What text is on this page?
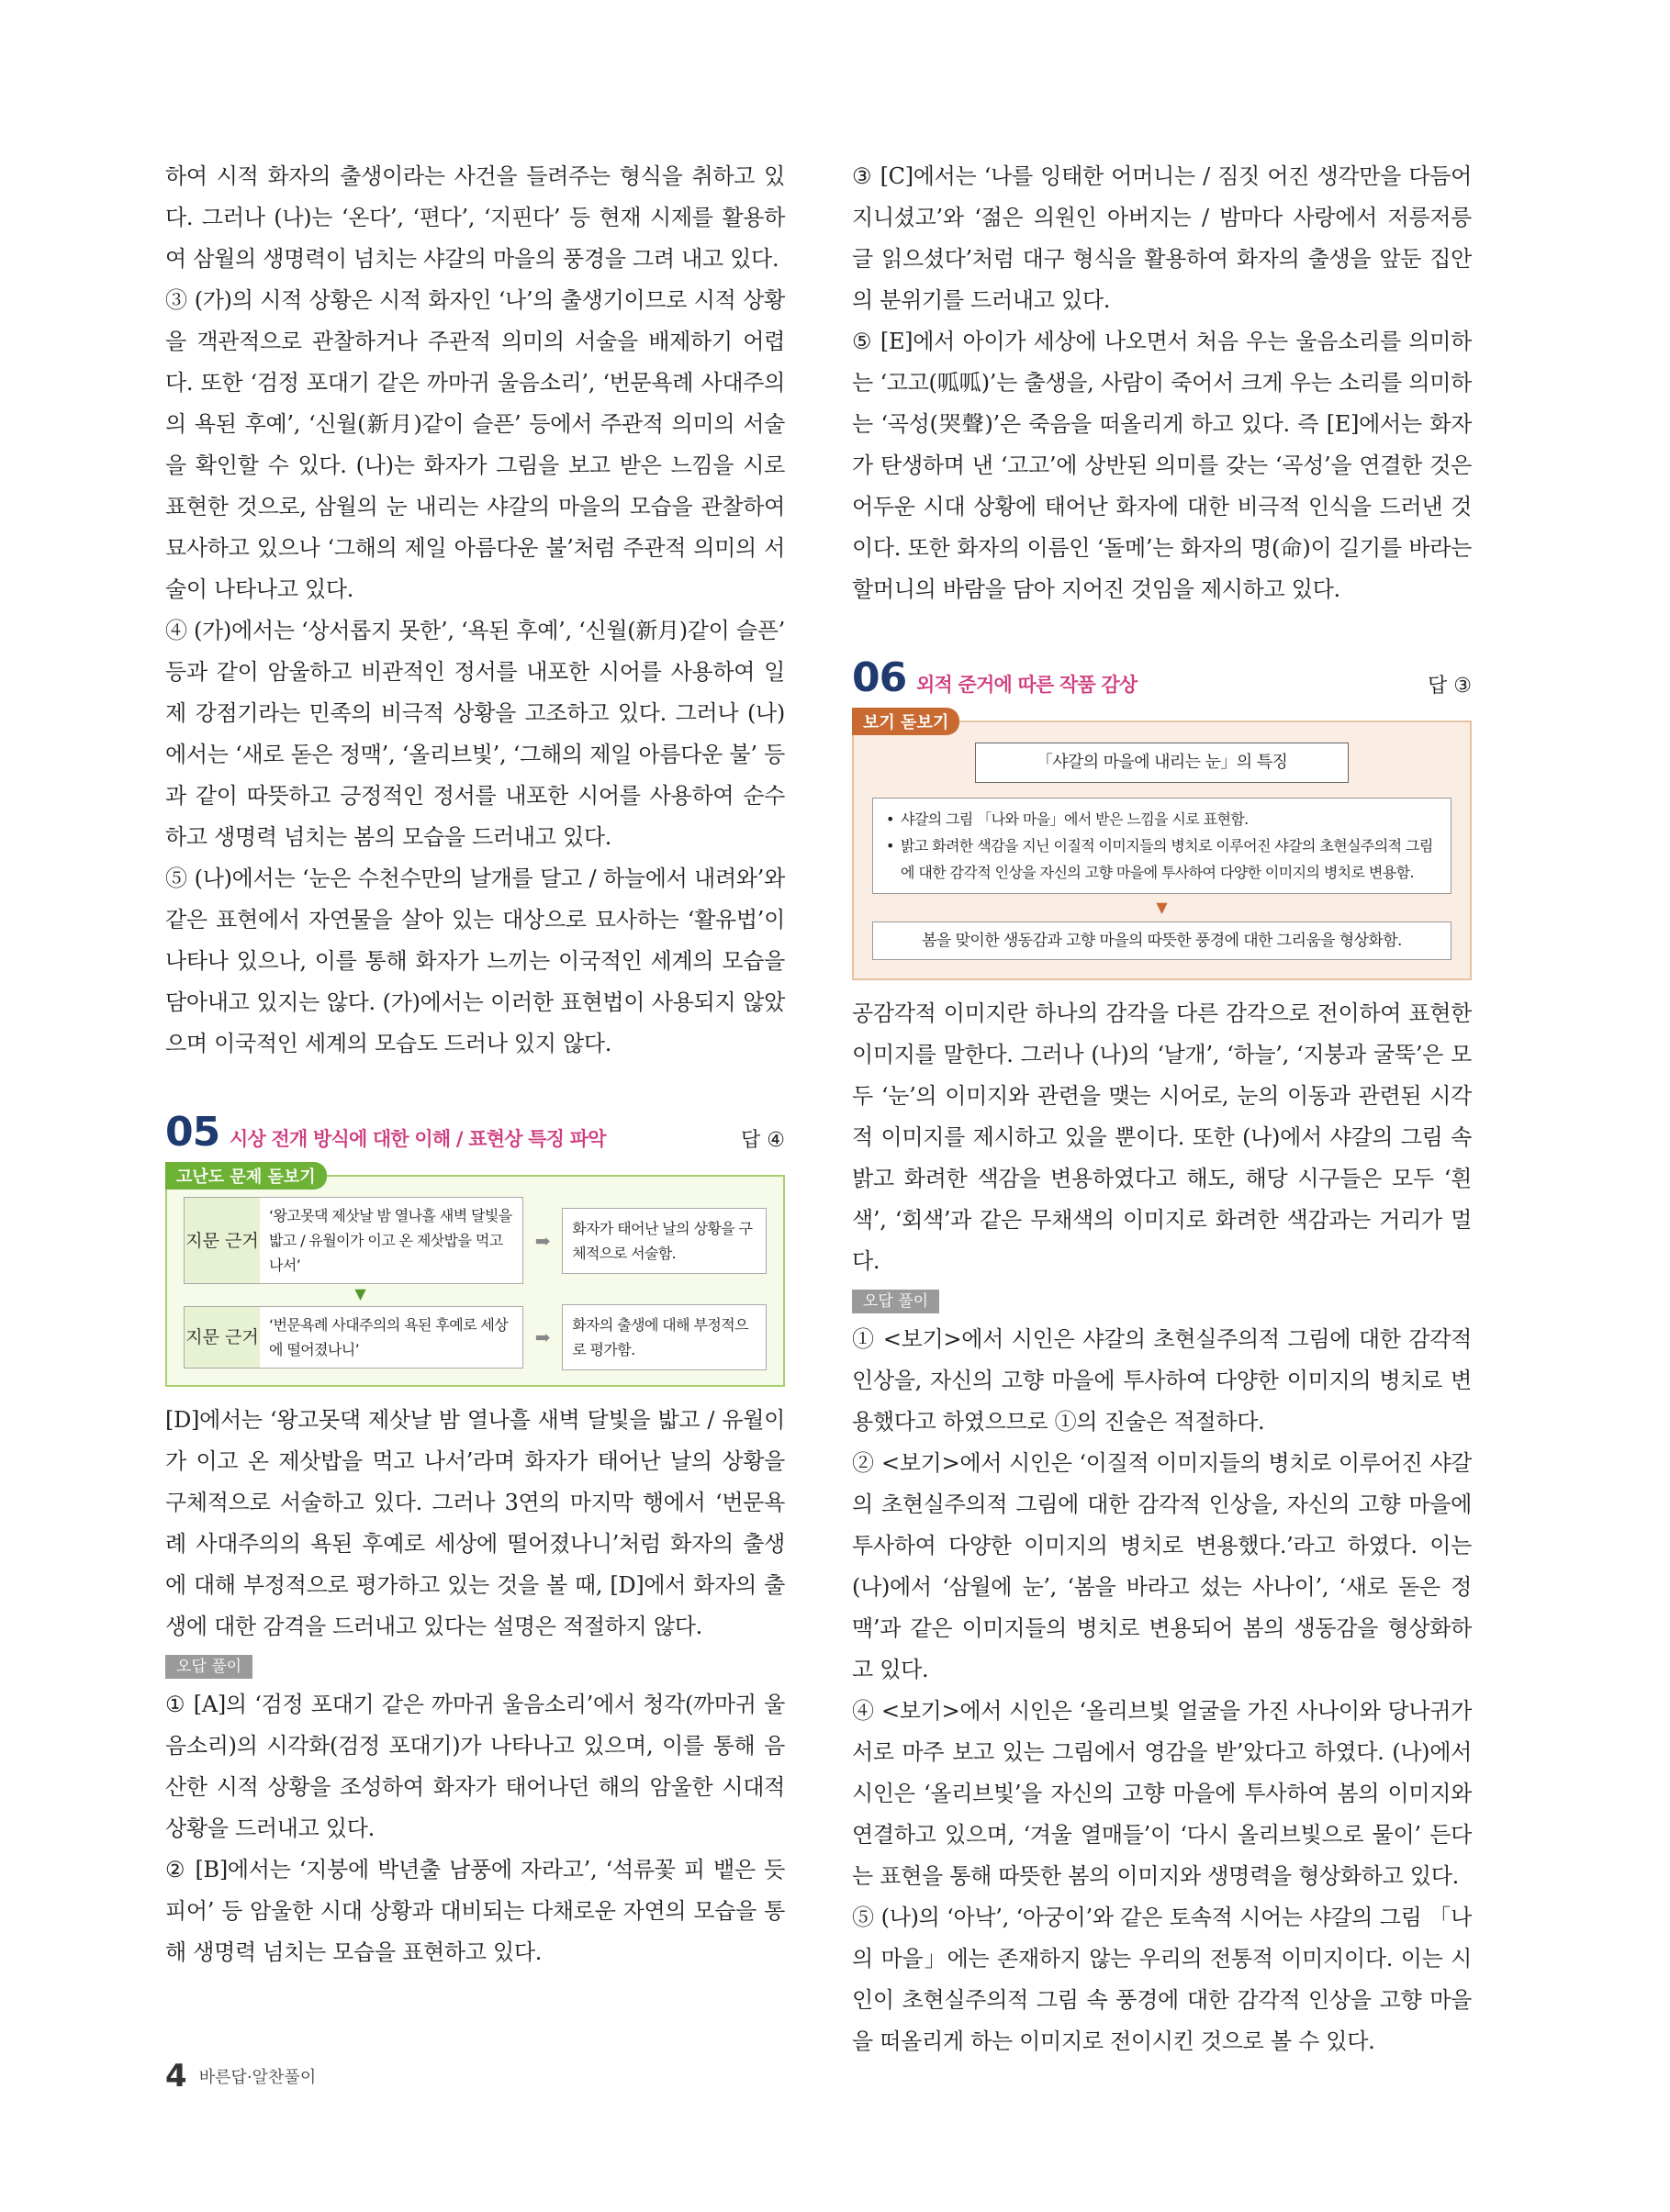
하여 시적 화자의 출생이라는 사건을 들려주는 형식을 취하고 있다. 그러나 (나)는 ‘온다’, ‘편다’, ‘지핀다’ 등 현재 시제를 활용하여 삼월의 생명력이 넘치는 샤갈의 마을의 풍경을 그려 내고 있다.

③ (가)의 시적 상황은 시적 화자인 ‘나’의 출생기이므로 시적 상황을 객관적으로 관찰하거나 주관적 의미의 서술을 배제하기 어렵다. 또한 ‘검정 포대기 같은 까마귀 울음소리’, ‘번문욕례 사대주의의 욕된 후예’, ‘신월(新月)같이 슬픈’ 등에서 주관적 의미의 서술을 확인할 수 있다. (나)는 화자가 그림을 보고 받은 느낌을 시로 표현한 것으로, 삼월의 눈 내리는 샤갈의 마을의 모습을 관찰하여 묘사하고 있으나 ‘그해의 제일 아름다운 불’처럼 주관적 의미의 서술이 나타나고 있다.

④ (가)에서는 ‘상서롭지 못한’, ‘욕된 후예’, ‘신월(新月)같이 슬픈’ 등과 같이 암울하고 비관적인 정서를 내포한 시어를 사용하여 일제 강점기라는 민족의 비극적 상황을 고조하고 있다. 그러나 (나)에서는 ‘새로 돋은 정맥’, ‘올리브빛’, ‘그해의 제일 아름다운 불’ 등과 같이 따뜻하고 긍정적인 정서를 내포한 시어를 사용하여 순수하고 생명력 넘치는 봄의 모습을 드러내고 있다.

⑤ (나)에서는 ‘눈은 수천수만의 날개를 달고 / 하늘에서 내려와’와 같은 표현에서 자연물을 살아 있는 대상으로 묘사하는 ‘활유법’이 나타나 있으나, 이를 통해 화자가 느끼는 이국적인 세계의 모습을 담아내고 있지는 않다. (가)에서는 이러한 표현법이 사용되지 않았으며 이국적인 세계의 모습도 드러나 있지 않다.

05 시상 전개 방식에 대한 이해 / 표현상 특징 파악	답 ④
고난도 문제 돋보기
지문 근거
‘왕고못댁 제삿날 밤 열나흘 새벽 달빛을 밟고 / 유월이가 이고 온 제삿밥을 먹고 나서’
➡
화자가 태어난 날의 상황을 구체적으로 서술함.
▼
지문 근거
‘번문욕례 사대주의의 욕된 후예로 세상에 떨어졌나니’
➡
화자의 출생에 대해 부정적으로 평가함.

[D]에서는 ‘왕고못댁 제삿날 밤 열나흘 새벽 달빛을 밟고 / 유월이가 이고 온 제삿밥을 먹고 나서’라며 화자가 태어난 날의 상황을 구체적으로 서술하고 있다. 그러나 3연의 마지막 행에서 ‘번문욕례 사대주의의 욕된 후예로 세상에 떨어졌나니’처럼 화자의 출생에 대해 부정적으로 평가하고 있는 것을 볼 때, [D]에서 화자의 출생에 대한 감격을 드러내고 있다는 설명은 적절하지 않다.

오답 풀이

① [A]의 ‘검정 포대기 같은 까마귀 울음소리’에서 청각(까마귀 울음소리)의 시각화(검정 포대기)가 나타나고 있으며, 이를 통해 음산한 시적 상황을 조성하여 화자가 태어나던 해의 암울한 시대적 상황을 드러내고 있다.

② [B]에서는 ‘지붕에 박년출 남풍에 자라고’, ‘석류꽃 피 뱉은 듯 피어’ 등 암울한 시대 상황과 대비되는 다채로운 자연의 모습을 통해 생명력 넘치는 모습을 표현하고 있다.

③ [C]에서는 ‘나를 잉태한 어머니는 / 짐짓 어진 생각만을 다듬어 지니셨고’와 ‘젊은 의원인 아버지는 / 밤마다 사랑에서 저릉저릉 글 읽으셨다’처럼 대구 형식을 활용하여 화자의 출생을 앞둔 집안의 분위기를 드러내고 있다.

⑤ [E]에서 아이가 세상에 나오면서 처음 우는 울음소리를 의미하는 ‘고고(呱呱)’는 출생을, 사람이 죽어서 크게 우는 소리를 의미하는 ‘곡성(哭聲)’은 죽음을 떠올리게 하고 있다. 즉 [E]에서는 화자가 탄생하며 낸 ‘고고’에 상반된 의미를 갖는 ‘곡성’을 연결한 것은 어두운 시대 상황에 태어난 화자에 대한 비극적 인식을 드러낸 것이다. 또한 화자의 이름인 ‘돌메’는 화자의 명(命)이 길기를 바라는 할머니의 바람을 담아 지어진 것임을 제시하고 있다.

06 외적 준거에 따른 작품 감상	답 ③
보기 돋보기
「샤갈의 마을에 내리는 눈」의 특징
• 샤갈의 그림 「나와 마을」에서 받은 느낌을 시로 표현함.
• 밝고 화려한 색감을 지닌 이질적 이미지들의 병치로 이루어진 샤갈의 초현실주의적 그림에 대한 감각적 인상을 자신의 고향 마을에 투사하여 다양한 이미지의 병치로 변용함.
▼
봄을 맞이한 생동감과 고향 마을의 따뜻한 풍경에 대한 그리움을 형상화함.

공감각적 이미지란 하나의 감각을 다른 감각으로 전이하여 표현한 이미지를 말한다. 그러나 (나)의 ‘날개’, ‘하늘’, ‘지붕과 굴뚝’은 모두 ‘눈’의 이미지와 관련을 맺는 시어로, 눈의 이동과 관련된 시각적 이미지를 제시하고 있을 뿐이다. 또한 (나)에서 샤갈의 그림 속 밝고 화려한 색감을 변용하였다고 해도, 해당 시구들은 모두 ‘흰색’, ‘회색’과 같은 무채색의 이미지로 화려한 색감과는 거리가 멀다.

오답 풀이

① <보기>에서 시인은 샤갈의 초현실주의적 그림에 대한 감각적 인상을, 자신의 고향 마을에 투사하여 다양한 이미지의 병치로 변용했다고 하였으므로 ①의 진술은 적절하다.

② <보기>에서 시인은 ‘이질적 이미지들의 병치로 이루어진 샤갈의 초현실주의적 그림에 대한 감각적 인상을, 자신의 고향 마을에 투사하여 다양한 이미지의 병치로 변용했다.’라고 하였다. 이는 (나)에서 ‘삼월에 눈’, ‘봄을 바라고 섰는 사나이’, ‘새로 돋은 정맥’과 같은 이미지들의 병치로 변용되어 봄의 생동감을 형상화하고 있다.

④ <보기>에서 시인은 ‘올리브빛 얼굴을 가진 사나이와 당나귀가 서로 마주 보고 있는 그림에서 영감을 받’았다고 하였다. (나)에서 시인은 ‘올리브빛’을 자신의 고향 마을에 투사하여 봄의 이미지와 연결하고 있으며, ‘겨울 열매들’이 ‘다시 올리브빛으로 물이’ 든다는 표현을 통해 따뜻한 봄의 이미지와 생명력을 형상화하고 있다.

⑤ (나)의 ‘아낙’, ‘아궁이’와 같은 토속적 시어는 샤갈의 그림 「나의 마을」에는 존재하지 않는 우리의 전통적 이미지이다. 이는 시인이 초현실주의적 그림 속 풍경에 대한 감각적 인상을 고향 마을을 떠올리게 하는 이미지로 전이시킨 것으로 볼 수 있다.

4 바른답·알찬풀이
